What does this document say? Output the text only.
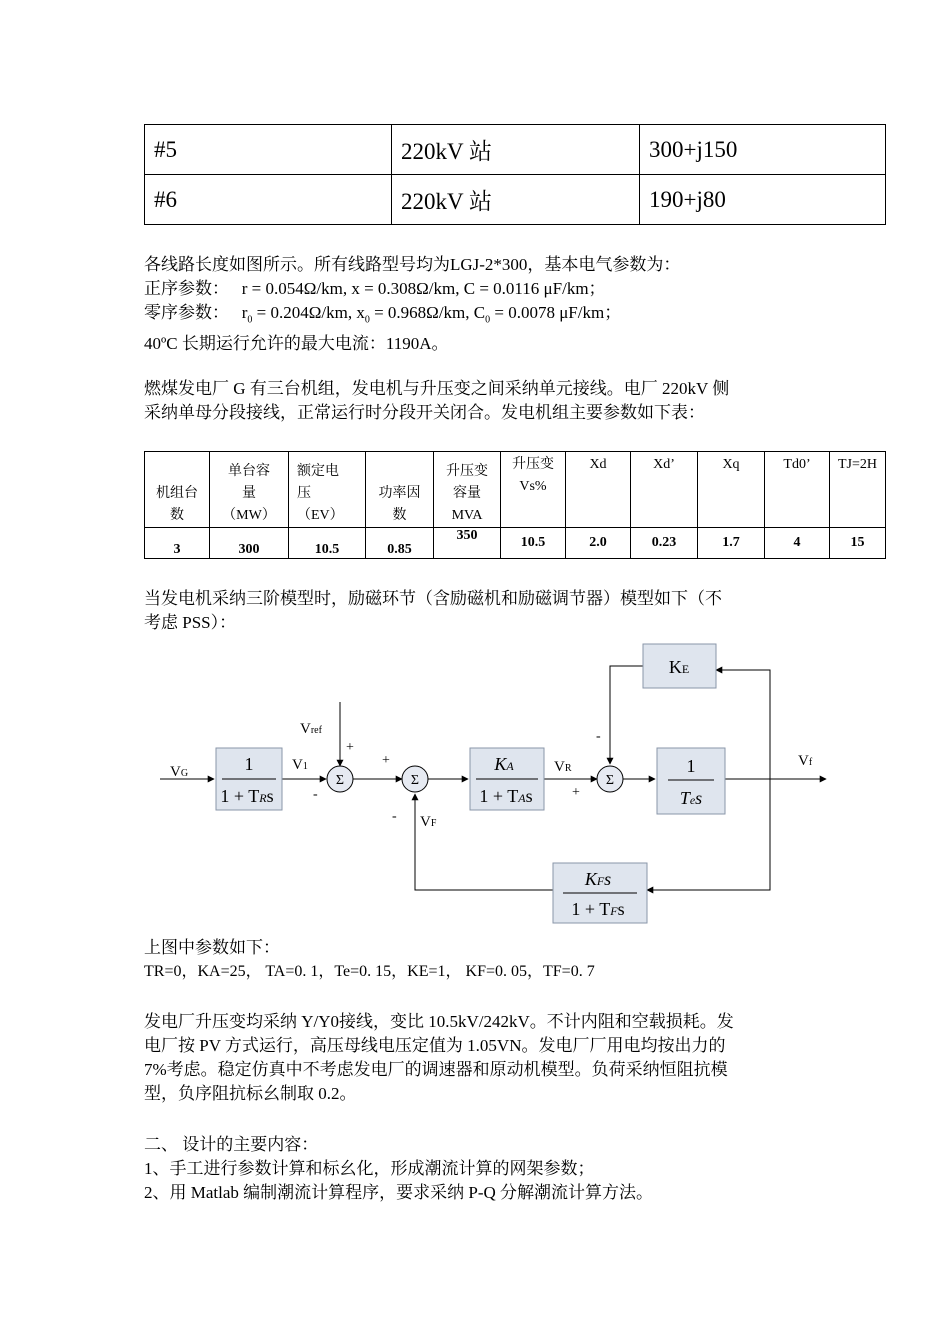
#5	220kV 站	300+j150
#6	220kV 站	190+j80
各线路长度如图所示。所有线路型号均为LGJ-2*300，基本电气参数为：
正序参数： r = 0.054Ω/km, x = 0.308Ω/km, C = 0.0116 μF/km；
零序参数： $r_0 = 0.204\Omega/km$, $x_0 = 0.968\Omega/km$, $C_0 = 0.0078$ μF/km；
40ºC 长期运行允许的最大电流：1190A。
燃煤发电厂 G 有三台机组，发电机与升压变之间采纳单元接线。电厂 220kV 侧
采纳单母分段接线，正常运行时分段开关闭合。发电机组主要参数如下表：
机组台
数	单台容
量
（MW）	额定电
压
（EV）	功率因
数	升压变
容量
MVA	升压变
Vs%	Xd	Xd’	Xq	Td0’	TJ=2H
3	300	10.5	0.85	350	10.5	2.0	0.23	1.7	4	15
当发电机采纳三阶模型时，励磁环节（含励磁机和励磁调节器）模型如下（不
考虑 PSS）：
Σ	Σ	Σ
1
1 + TRs
KA
1 + TAs
1
Tes
KE
KFs
1 + TFs
VG
V1
Vref
VR
VF
Vf
+
-
+
-
-
+
上图中参数如下：
TR=0，KA=25， TA=0. 1，Te=0. 15，KE=1， KF=0. 05，TF=0. 7
发电厂升压变均采纳 Y/Y0接线，变比 10.5kV/242kV。不计内阻和空载损耗。发
电厂按 PV 方式运行，高压母线电压定值为 1.05VN。发电厂厂用电均按出力的
7%考虑。稳定仿真中不考虑发电厂的调速器和原动机模型。负荷采纳恒阻抗模
型，负序阻抗标幺制取 0.2。
二、 设计的主要内容：
1、手工进行参数计算和标幺化，形成潮流计算的网架参数；
2、用 Matlab 编制潮流计算程序，要求采纳 P-Q 分解潮流计算方法。
